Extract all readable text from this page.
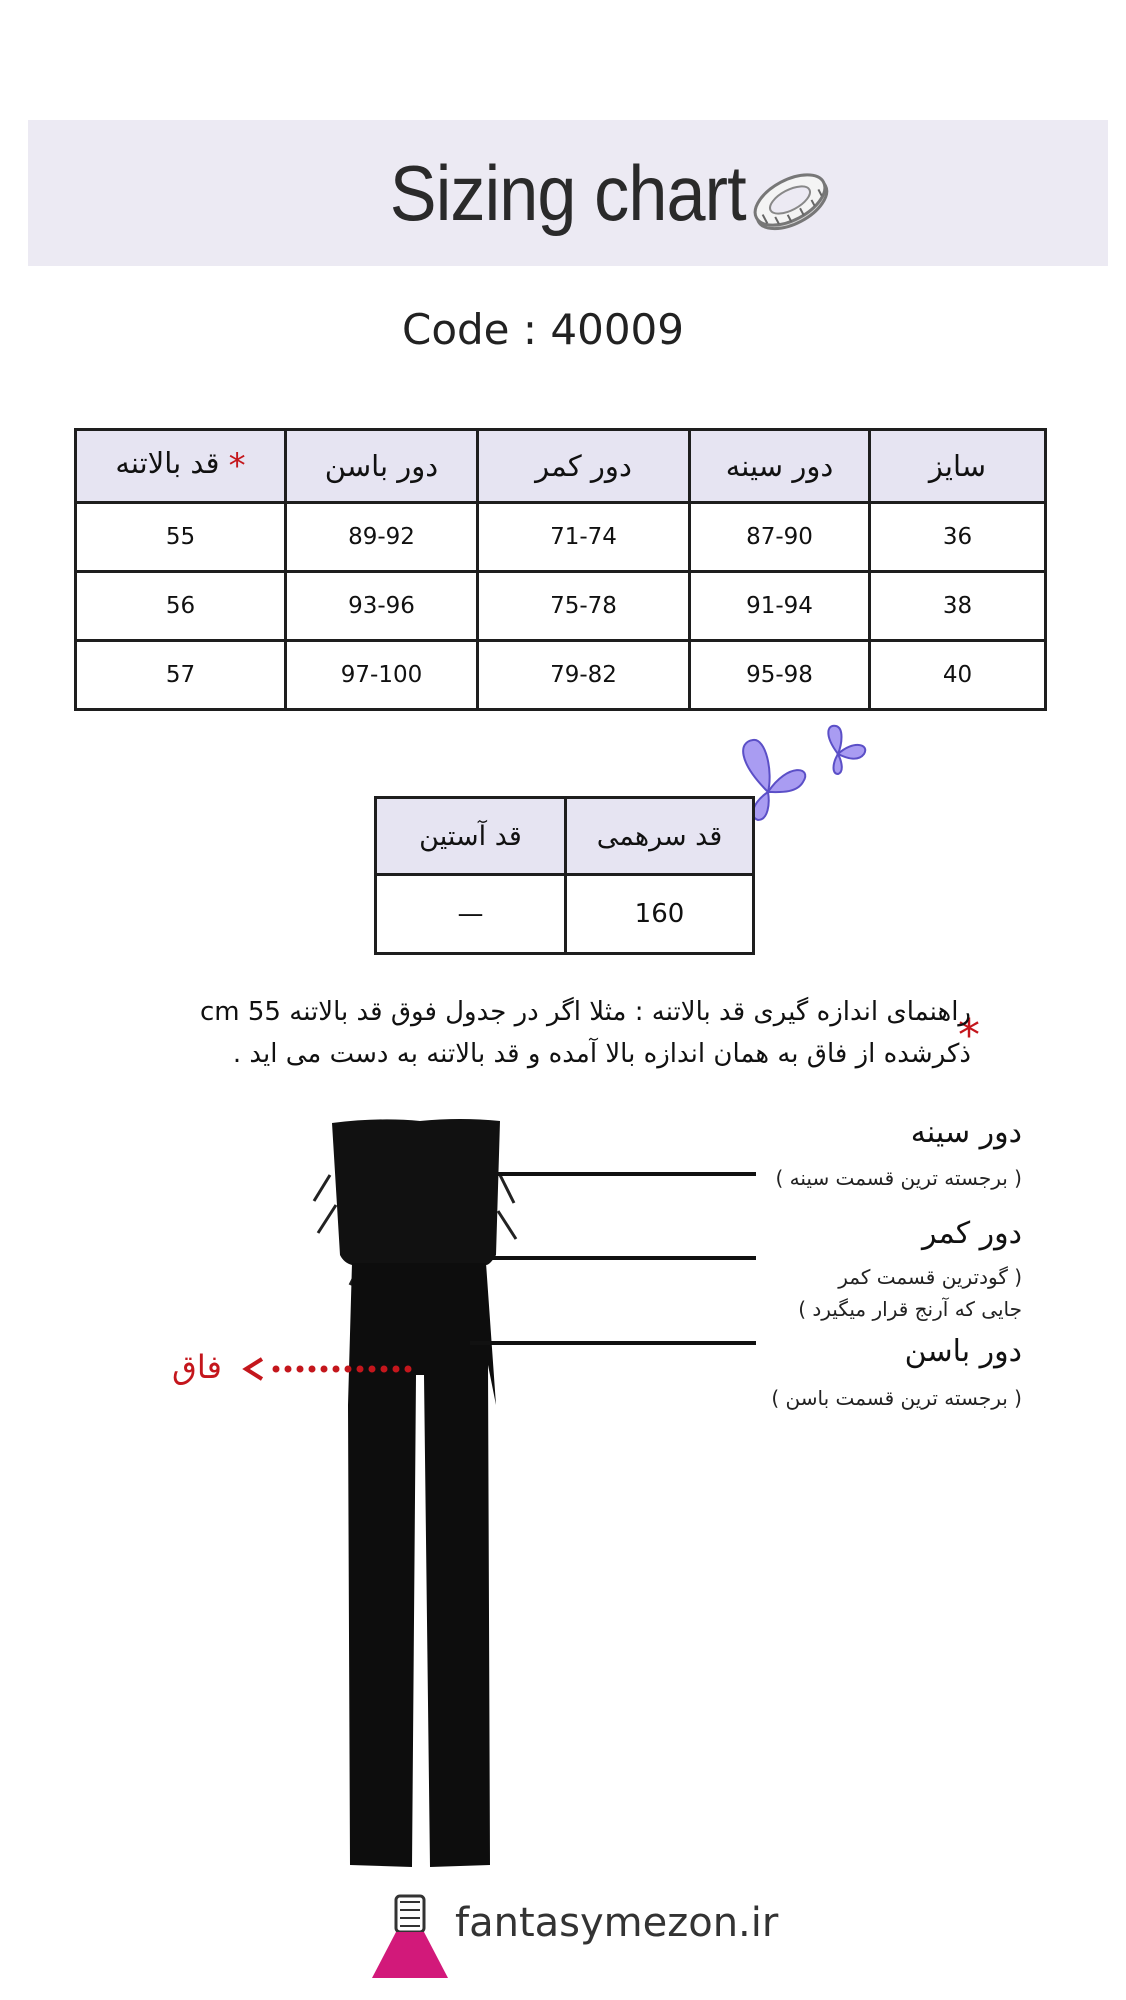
Sizing chart
Code : 40009
* قد بالاتنه	دور باسن	دور کمر	دور سینه	سایز
55	89-92	71-74	87-90	36
56	93-96	75-78	91-94	38
57	97-100	79-82	95-98	40
قد آستین	قد سرهمی
—	160
*
راهنمای اندازه گیری قد بالاتنه : مثلا اگر در جدول فوق قد بالاتنه 55 cm
ذکرشده از فاق به همان اندازه بالا آمده و قد بالاتنه به دست می اید .
فاق
دور سینه
( برجسته ترین قسمت سینه )
دور کمر
( گودترین قسمت کمر
جایی که آرنج قرار میگیرد )
دور باسن
( برجسته ترین قسمت باسن )
fantasymezon.ir
